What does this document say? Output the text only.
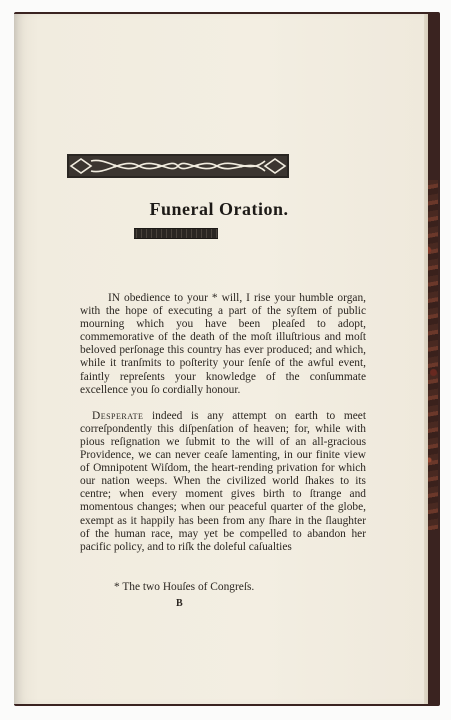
Funeral Oration.

IN obedience to your * will, I rise your humble organ, with the hope of executing a part of the syſtem of public mourning which you have been pleaſed to adopt, commemorative of the death of the moſt illuſtrious and moſt beloved perſonage this country has ever produced; and which, while it tranſmits to poſterity your ſenſe of the awful event, faintly repreſents your knowledge of the conſummate excellence you ſo cordially honour.

Desperate indeed is any attempt on earth to meet correſpondently this diſpenſation of heaven; for, while with pious reſignation we ſubmit to the will of an all-gracious Providence, we can never ceaſe lamenting, in our finite view of Omnipotent Wiſdom, the heart-rending privation for which our nation weeps. When the civilized world ſhakes to its centre; when every moment gives birth to ſtrange and momentous changes; when our peaceful quarter of the globe, exempt as it happily has been from any ſhare in the ſlaughter of the human race, may yet be compelled to abandon her pacific policy, and to riſk the doleful caſualties

* The two Houſes of Congreſs.
B
